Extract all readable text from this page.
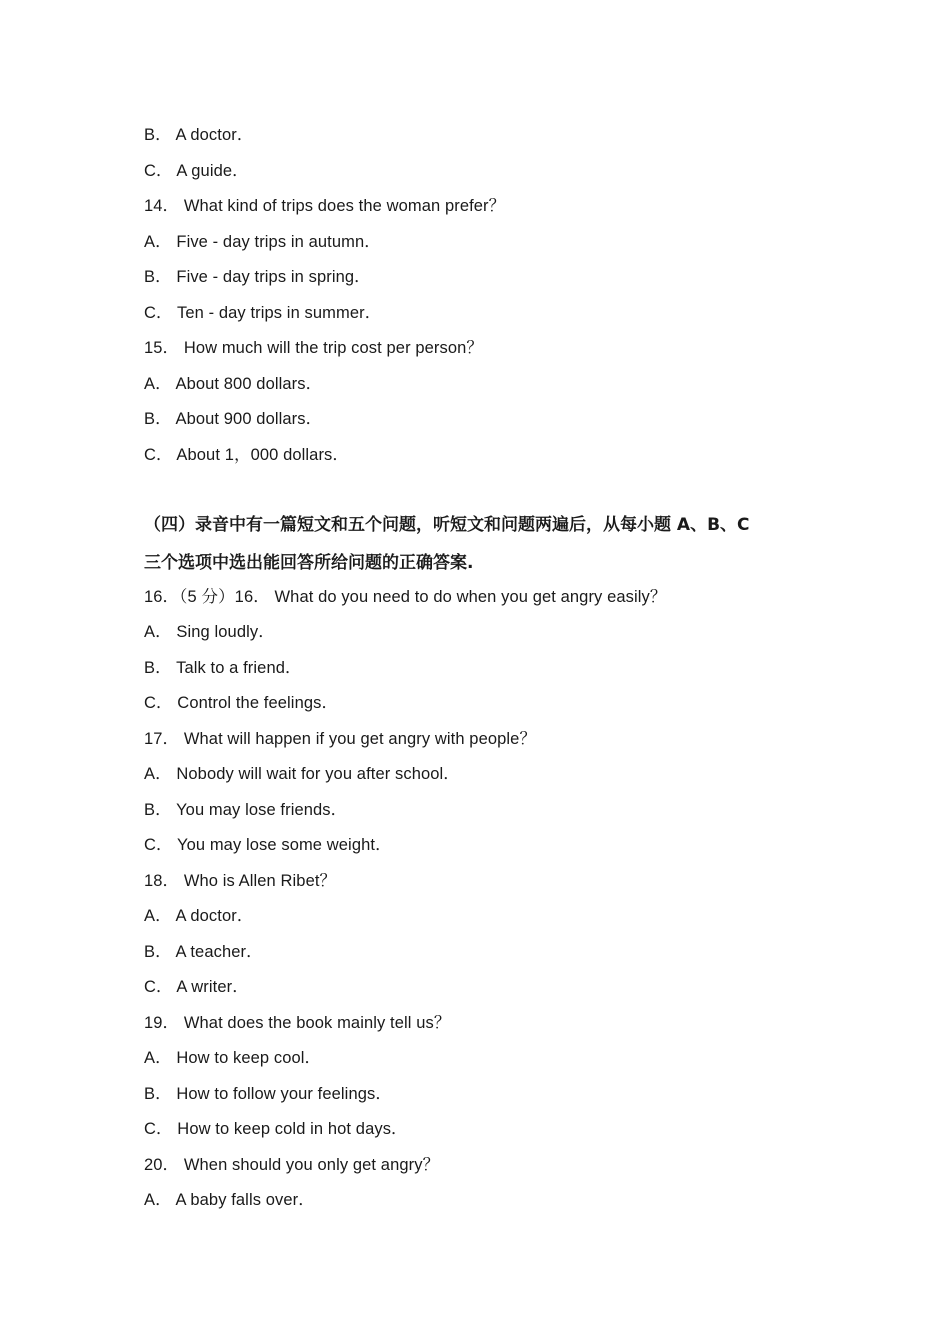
B． A doctor．
C． A guide．
14． What kind of trips does the woman prefer？
A． Five - day trips in autumn．
B． Five - day trips in spring．
C． Ten - day trips in summer．
15． How much will the trip cost per person？
A． About 800 dollars．
B． About 900 dollars．
C． About 1，000 dollars．
（四）录音中有一篇短文和五个问题，听短文和问题两遍后，从每小题 A、B、C
三个选项中选出能回答所给问题的正确答案.
16．（5 分）16． What do you need to do when you get angry easily？
A． Sing loudly．
B． Talk to a friend．
C． Control the feelings．
17． What will happen if you get angry with people？
A． Nobody will wait for you after school．
B． You may lose friends．
C． You may lose some weight．
18． Who is Allen Ribet？
A． A doctor．
B． A teacher．
C． A writer．
19． What does the book mainly tell us？
A． How to keep cool．
B． How to follow your feelings．
C． How to keep cold in hot days．
20． When should you only get angry？
A． A baby falls over．
